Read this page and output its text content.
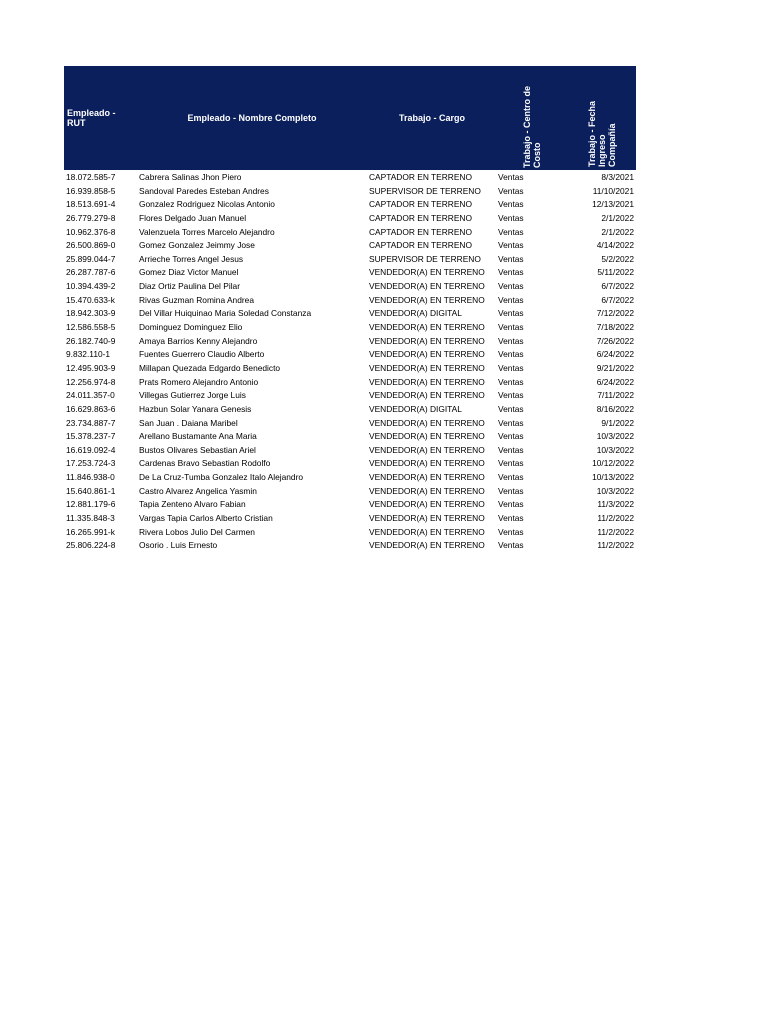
Empleado - RUT	Empleado - Nombre Completo	Trabajo - Cargo	Trabajo - Centro de Costo	Trabajo - Fecha Ingreso
Compañía
18.072.585-7	Cabrera Salinas Jhon Piero	CAPTADOR EN TERRENO	Ventas	8/3/2021
16.939.858-5	Sandoval Paredes Esteban Andres	SUPERVISOR DE TERRENO Ventas	11/10/2021
18.513.691-4	Gonzalez Rodriguez Nicolas Antonio	CAPTADOR EN TERRENO	Ventas	12/13/2021
26.779.279-8	Flores Delgado Juan Manuel	CAPTADOR EN TERRENO	Ventas	2/1/2022
10.962.376-8	Valenzuela Torres Marcelo Alejandro	CAPTADOR EN TERRENO	Ventas	2/1/2022
26.500.869-0	Gomez Gonzalez Jeimmy Jose	CAPTADOR EN TERRENO	Ventas	4/14/2022
25.899.044-7	Arrieche Torres Angel Jesus	SUPERVISOR DE TERRENO Ventas	5/2/2022
26.287.787-6	Gomez Diaz Victor Manuel	VENDEDOR(A) EN TERRENO Ventas	5/11/2022
10.394.439-2	Diaz Ortiz Paulina Del Pilar	VENDEDOR(A) EN TERRENO Ventas	6/7/2022
15.470.633-k	Rivas Guzman Romina Andrea	VENDEDOR(A) EN TERRENO Ventas	6/7/2022
18.942.303-9	Del Villar Huiquinao Maria Soledad Constanza	VENDEDOR(A) DIGITAL	Ventas	7/12/2022
12.586.558-5	Dominguez Dominguez Elio	VENDEDOR(A) EN TERRENO Ventas	7/18/2022
26.182.740-9	Amaya Barrios Kenny Alejandro	VENDEDOR(A) EN TERRENO Ventas	7/26/2022
9.832.110-1	Fuentes Guerrero Claudio Alberto	VENDEDOR(A) EN TERRENO Ventas	6/24/2022
12.495.903-9	Millapan Quezada Edgardo Benedicto	VENDEDOR(A) EN TERRENO Ventas	9/21/2022
12.256.974-8	Prats Romero Alejandro Antonio	VENDEDOR(A) EN TERRENO Ventas	6/24/2022
24.011.357-0	Villegas Gutierrez Jorge Luis	VENDEDOR(A) EN TERRENO Ventas	7/11/2022
16.629.863-6	Hazbun Solar Yanara Genesis	VENDEDOR(A) DIGITAL	Ventas	8/16/2022
23.734.887-7	San Juan . Daiana Maribel	VENDEDOR(A) EN TERRENO Ventas	9/1/2022
15.378.237-7	Arellano Bustamante Ana Maria	VENDEDOR(A) EN TERRENO Ventas	10/3/2022
16.619.092-4	Bustos Olivares Sebastian Ariel	VENDEDOR(A) EN TERRENO Ventas	10/3/2022
17.253.724-3	Cardenas Bravo Sebastian Rodolfo	VENDEDOR(A) EN TERRENO Ventas	10/12/2022
11.846.938-0	De La Cruz-Tumba Gonzalez Italo Alejandro	VENDEDOR(A) EN TERRENO Ventas	10/13/2022
15.640.861-1	Castro Alvarez Angelica Yasmin	VENDEDOR(A) EN TERRENO Ventas	10/3/2022
12.881.179-6	Tapia Zenteno Alvaro Fabian	VENDEDOR(A) EN TERRENO Ventas	11/3/2022
11.335.848-3	Vargas Tapia Carlos Alberto Cristian	VENDEDOR(A) EN TERRENO Ventas	11/2/2022
16.265.991-k	Rivera Lobos Julio Del Carmen	VENDEDOR(A) EN TERRENO Ventas	11/2/2022
25.806.224-8	Osorio . Luis Ernesto	VENDEDOR(A) EN TERRENO Ventas	11/2/2022
